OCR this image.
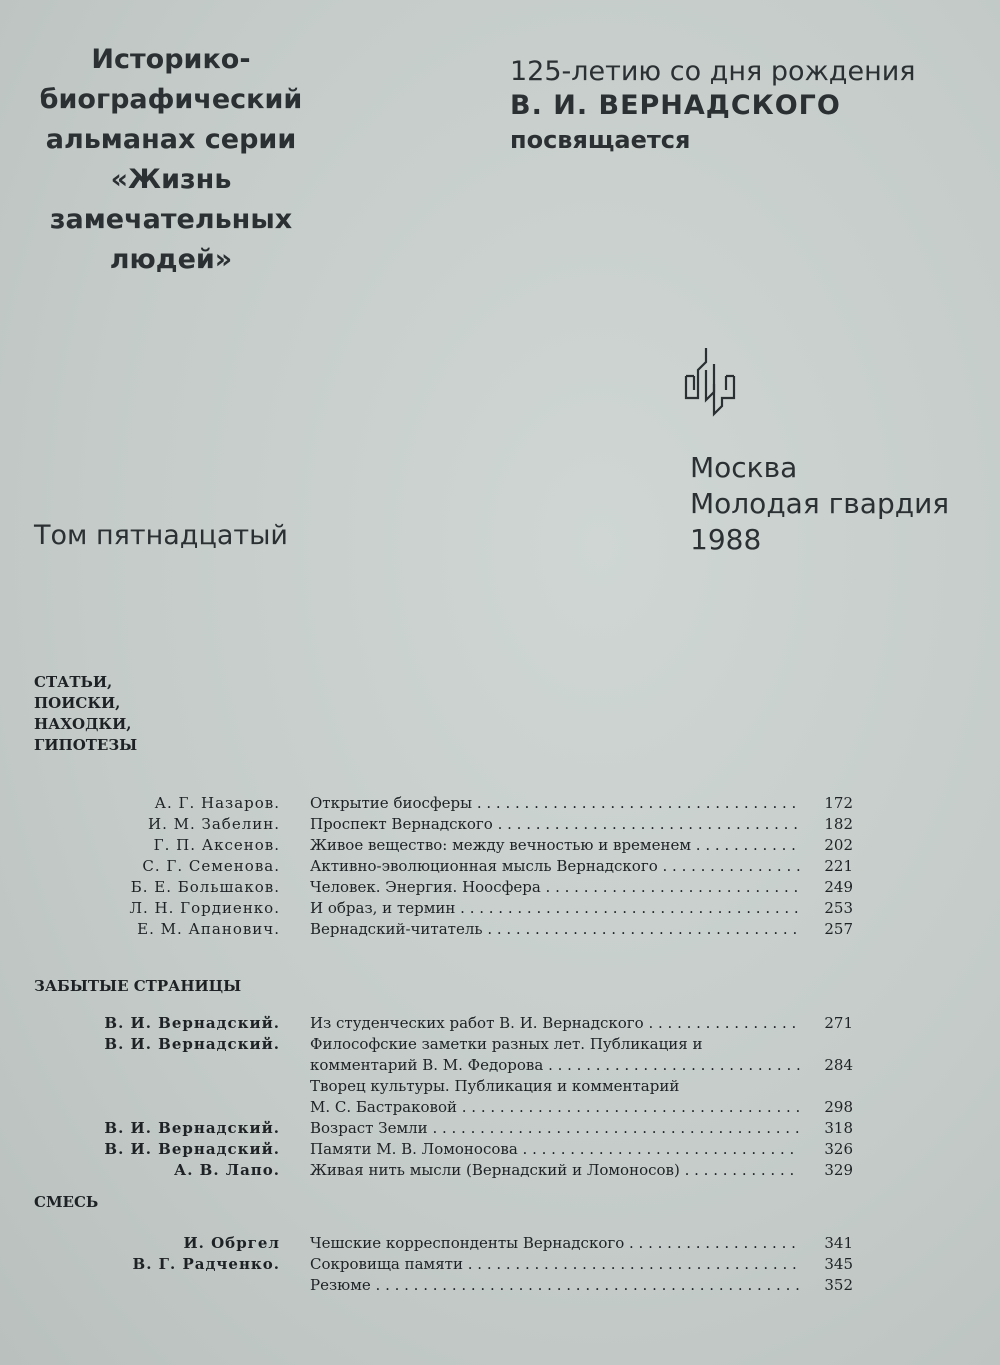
Историко-
биографический
альманах серии
«Жизнь
замечательных
людей»
125-летию со дня рождения
В. И. ВЕРНАДСКОГО
посвящается
Москва
Молодая гвардия
1988
Том пятнадцатый
СТАТЬИ,
ПОИСКИ,
НАХОДКИ,
ГИПОТЕЗЫ
А. Г. Назаров. Открытие биосферы . . .	172
И. М. Забелин. Проспект Вернадского . . .	182
Г. П. Аксенов. Живое вещество: между вечностью и временем . . .	202
С. Г. Семенова. Активно-эволюционная мысль Вернадского . . .	221
Б. Е. Большаков. Человек. Энергия. Ноосфера . . .	249
Л. Н. Гордиенко. И образ, и термин . . .	253
Е. М. Апанович. Вернадский-читатель . . .	257
ЗАБЫТЫЕ СТРАНИЦЫ
В. И. Вернадский. Из студенческих работ В. И. Вернадского . . .	271
В. И. Вернадский. Философские заметки разных лет. Публикация и
комментарий В. М. Федорова . . .	284
Творец культуры. Публикация и комментарий
М. С. Бастраковой . . .	298
В. И. Вернадский. Возраст Земли . . .	318
В. И. Вернадский. Памяти М. В. Ломоносова . . .	326
А. В. Лапо. Живая нить мысли (Вернадский и Ломоносов) . . .	329
СМЕСЬ
И. Обргел Чешские корреспонденты Вернадского . . .	341
В. Г. Радченко. Сокровища памяти . . .	345
Резюме . . .	352
